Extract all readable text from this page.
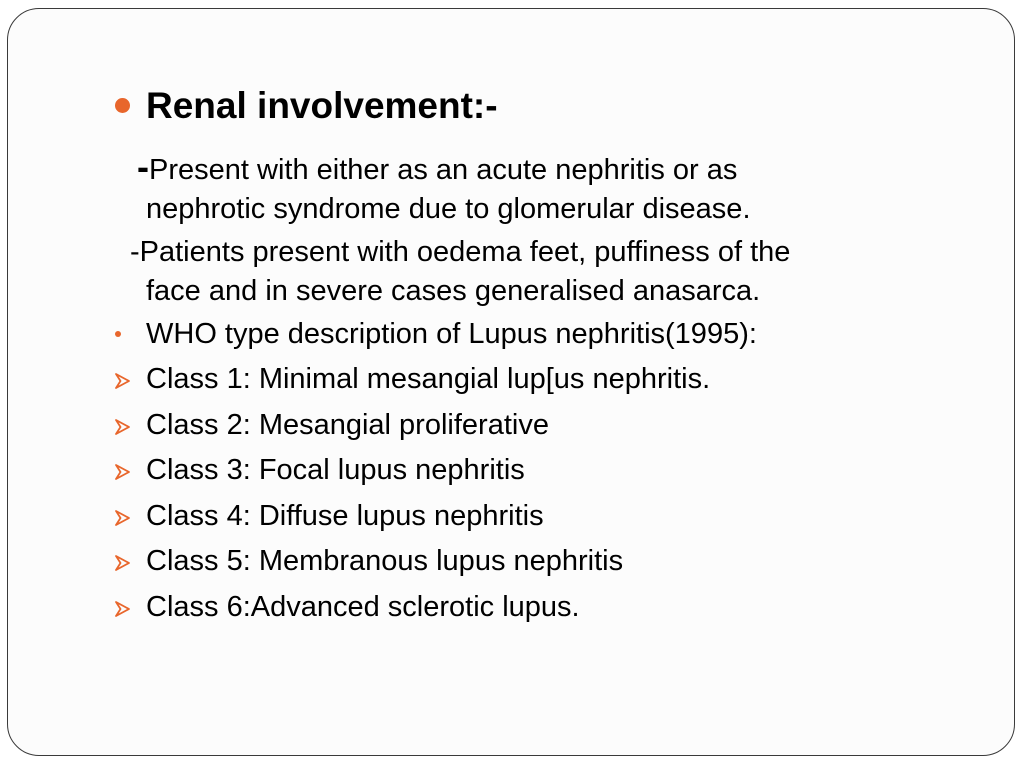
Renal involvement:-
-Present with either as an acute nephritis or as
nephrotic syndrome due to glomerular disease.
-Patients present with oedema feet, puffiness of the
face and in severe cases generalised anasarca.
WHO type description of Lupus nephritis(1995):
Class 1: Minimal mesangial lup[us nephritis.
Class 2: Mesangial proliferative
Class 3: Focal lupus nephritis
Class 4: Diffuse lupus nephritis
Class 5: Membranous lupus nephritis
Class 6:Advanced sclerotic lupus.
